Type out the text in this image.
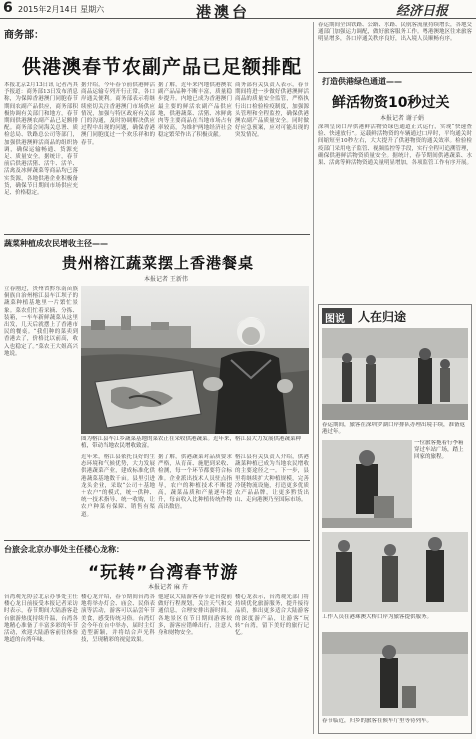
6 2015年2月14日 星期六	港澳台	经济日报
商务部：
供港澳春节农副产品已足额排配
本报北京2月13日讯 记者冯其予报道：商务部13日发布消息称，为保障香港澳门同胞春节期间农副产品供应，商务部积极协调有关部门和地方，春节期间供港澳农副产品已足额排配。商务部会同海关总署、质检总局、铁路总公司等部门，加强供港澳鲜活商品的组织协调，确保运输畅通、货源充足、质量安全。据统计，春节前后供港活猪、活牛、活羊、活禽及冰鲜蔬菜等商品均已落实货源，各地供港企业积极备货，确保节日期间市场供应充足、价格稳定。
据介绍，今年春节前供港鲜活商品运输专列开行正常，各口岸通关便利。商务部表示将继续密切关注香港澳门市场供应情况，加强与特区政府有关部门的沟通，及时协调解决供应过程中出现的问题，确保香港澳门同胞度过一个欢乐祥和的春节。
据了解，近年来内地供港澳农副产品品种不断丰富，质量稳步提升。内地已成为香港澳门最主要的鲜活农副产品供应地，供港蔬菜、活猪、冰鲜禽肉等主要商品在当地市场占有率较高，为维护两地经济社会稳定繁荣作出了积极贡献。
商务部有关负责人表示，春节期间将进一步做好供港澳鲜活商品的质量安全监管，严格执行出口检验检疫制度，加强源头管理和全程监控，确保供港澳农副产品质量安全。同时做好应急预案，应对可能出现的突发情况。
蔬菜种植成农民增收主径——
贵州榕江蔬菜摆上香港餐桌
本报记者 王新伟
立春刚过，贵州省黔东南苗族侗族自治州榕江县车江坝子的蔬菜种植基地里一片繁忙景象。菜农们忙着采摘、分拣、装箱，一车车新鲜蔬菜从这里出发，几天后就摆上了香港市民的餐桌。“我们种的菜卖到香港去了，价格比以前高，收入也稳定了。”菜农王大姐高兴地说。
图为榕江县车江乡蔬菜基地的菜农正在采收供港蔬菜。近年来，榕江县大力发展供港蔬菜种植，带动当地农民增收致富。
近年来，榕江县依托良好的生态环境和气候优势，大力发展供港蔬菜产业，建成标准化供港蔬菜基地数千亩。县里引进龙头企业，采取“公司＋基地＋农户”的模式，统一供种、统一技术指导、统一收购，让农户种菜有保障、销售有渠道。
据了解，供港蔬菜对品质要求严格，从育苗、施肥到采收、检测，每一个环节都要符合标准。企业派出技术人员驻点指导，农户的种植技术不断提高，蔬菜品质和产量逐年提升，每亩收入比种植传统作物高出数倍。
榕江县有关负责人介绍，供港蔬菜种植已成为当地农民增收的主要途径之一。下一步，县里将继续扩大种植规模，完善冷链物流设施，打造更多优质农产品品牌，让更多黔货出山、走向港澳乃至国际市场。
台旅会北京办事处主任楼心龙称：
“玩转”台湾春节游
本报记者 麻 卉
台湾观光协会北京办事处主任楼心龙日前接受本报记者采访时表示，春节期间大陆游客赴台旅游热度持续升温，台湾各地精心准备了丰富多彩的年节活动，欢迎大陆游客前往体验地道的台湾年味。
楼心龙介绍，春节期间台湾各地将举办灯会、庙会、民俗表演等活动，游客可以品尝年节美食，感受传统习俗。台湾灯会今年在台中举办，届时主灯造型新颖，并将结合声光科技，呈现精彩的视觉效果。
他建议大陆游客春节赴台提前做好行程规划，关注天气和交通信息，合理安排出游时间。各地景区在节日期间游客较多，游客应错峰出行，注意人身和财物安全。
楼心龙表示，台湾观光部门将持续优化旅游服务，提升接待品质，推出更多适合大陆游客的深度游产品，让游客“玩转”台湾，留下美好的旅行记忆。
春运期间全国铁路、公路、水路、民航客流量持续增长，各地交通部门加强运力调配，做好旅客服务工作。粤港澳地区往来旅客明显增多，各口岸通关秩序良好，出入境人员顺畅有序。
打造供港绿色通道——
鲜活物资10秒过关
本报记者 谢子娟
深圳皇岗口岸供港鲜活物资绿色通道正式运行，实现“快速查验、快速放行”。运载鲜活物资的车辆通过口岸时，平均通关时间缩短至10秒左右，大大提升了供港物资的通关效率。检验检疫部门采用电子监管、视频监控等手段，实行全程可追溯管理，确保供港鲜活物资质量安全。据统计，春节期间供港蔬菜、水果、活禽等鲜活物资通关量明显增加，各项监管工作有序开展。
图说 人在归途
春运期间，旅客在深圳罗湖口岸排队办理出境手续，准备返港过年。
一位旅客拖着行李箱穿过车站广场，踏上回家的旅程。
工作人员在港珠澳大桥口岸为旅客提供服务。
春节临近，归乡的旅客在候车厅里等待列车。
